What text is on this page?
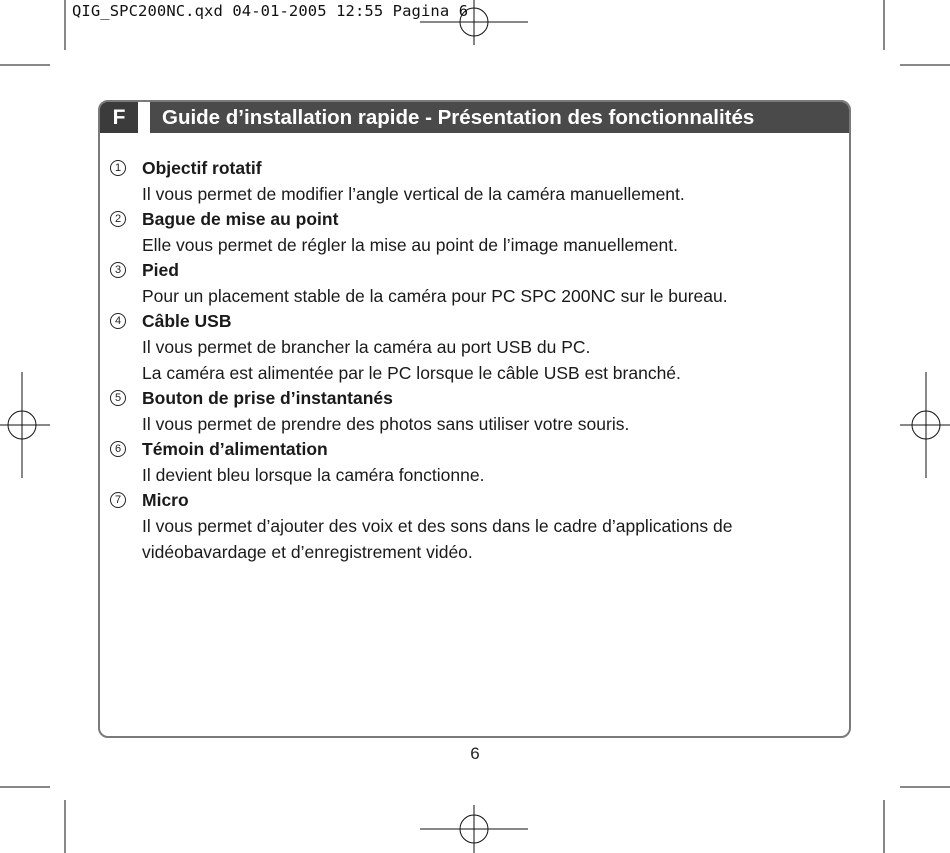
QIG_SPC200NC.qxd 04-01-2005 12:55 Pagina 6
F	Guide d’installation rapide - Présentation des fonctionnalités
1 Objectif rotatif
Il vous permet de modifier l’angle vertical de la caméra manuellement.
2 Bague de mise au point
Elle vous permet de régler la mise au point de l’image manuellement.
3 Pied
Pour un placement stable de la caméra pour PC SPC 200NC sur le bureau.
4 Câble USB
Il vous permet de brancher la caméra au port USB du PC.
La caméra est alimentée par le PC lorsque le câble USB est branché.
5 Bouton de prise d’instantanés
Il vous permet de prendre des photos sans utiliser votre souris.
6 Témoin d’alimentation
Il devient bleu lorsque la caméra fonctionne.
7 Micro
Il vous permet d’ajouter des voix et des sons dans le cadre d’applications de
vidéobavardage et d’enregistrement vidéo.
6
